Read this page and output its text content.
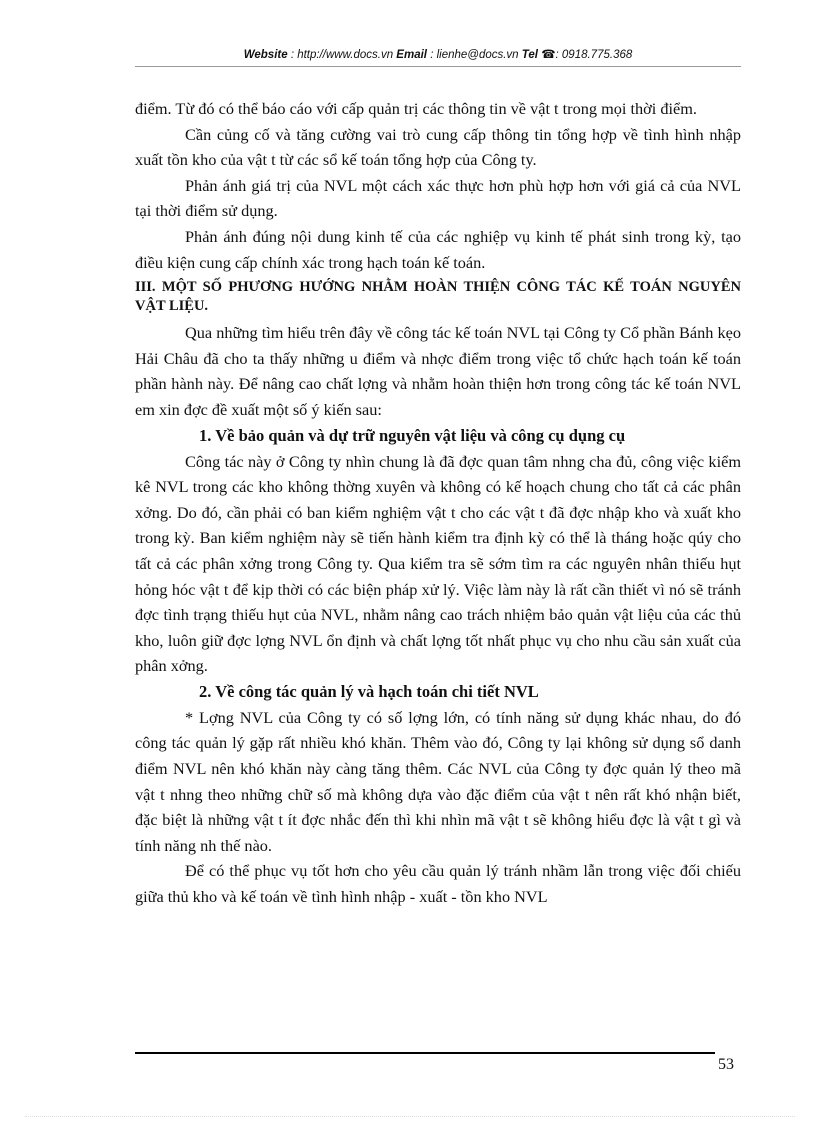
Website : http://www.docs.vn Email : lienhe@docs.vn Tel ☎: 0918.775.368

điểm. Từ đó có thể báo cáo với cấp quản trị các thông tin về vật t trong mọi thời điểm.

Cần củng cố và tăng cường vai trò cung cấp thông tin tổng hợp về tình hình nhập xuất tồn kho của vật t từ các sổ kế toán tổng hợp của Công ty.

Phản ánh giá trị của NVL một cách xác thực hơn phù hợp hơn với giá cả của NVL tại thời điểm sử dụng.

Phản ánh đúng nội dung kinh tế của các nghiệp vụ kinh tế phát sinh trong kỳ, tạo điều kiện cung cấp chính xác trong hạch toán kế toán.

III. MỘT SỐ PHƯƠNG HƯỚNG NHẰM HOÀN THIỆN CÔNG TÁC KẾ TOÁN NGUYÊN VẬT LIỆU.

Qua những tìm hiểu trên đây về công tác kế toán NVL tại Công ty Cổ phần Bánh kẹo Hải Châu đã cho ta thấy những u điểm và nhợc điểm trong việc tổ chức hạch toán kế toán phần hành này. Để nâng cao chất lợng và nhằm hoàn thiện hơn trong công tác kế toán NVL em xin đợc đề xuất một số ý kiến sau:

1. Về bảo quản và dự trữ nguyên vật liệu và công cụ dụng cụ

Công tác này ở Công ty nhìn chung là đã đợc quan tâm nhng cha đủ, công việc kiểm kê NVL trong các kho không thờng xuyên và không có kế hoạch chung cho tất cả các phân xởng. Do đó, cần phải có ban kiểm nghiệm vật t cho các vật t đã đợc nhập kho và xuất kho trong kỳ. Ban kiểm nghiệm này sẽ tiến hành kiểm tra định kỳ có thể là tháng hoặc qúy cho tất cả các phân xởng trong Công ty. Qua kiểm tra sẽ sớm tìm ra các nguyên nhân thiếu hụt hỏng hóc vật t để kịp thời có các biện pháp xử lý. Việc làm này là rất cần thiết vì nó sẽ tránh đợc tình trạng thiếu hụt của NVL, nhằm nâng cao trách nhiệm bảo quản vật liệu của các thủ kho, luôn giữ đợc lợng NVL ổn định và chất lợng tốt nhất phục vụ cho nhu cầu sản xuất của phân xởng.

2. Về công tác quản lý và hạch toán chi tiết NVL

* Lợng NVL của Công ty có số lợng lớn, có tính năng sử dụng khác nhau, do đó công tác quản lý gặp rất nhiều khó khăn. Thêm vào đó, Công ty lại không sử dụng sổ danh điểm NVL nên khó khăn này càng tăng thêm. Các NVL của Công ty đợc quản lý theo mã vật t nhng theo những chữ số mà không dựa vào đặc điểm của vật t nên rất khó nhận biết, đặc biệt là những vật t ít đợc nhắc đến thì khi nhìn mã vật t sẽ không hiểu đợc là vật t gì và tính năng nh thế nào.

Để có thể phục vụ tốt hơn cho yêu cầu quản lý tránh nhầm lẫn trong việc đối chiếu giữa thủ kho và kế toán về tình hình nhập - xuất - tồn kho NVL

53
